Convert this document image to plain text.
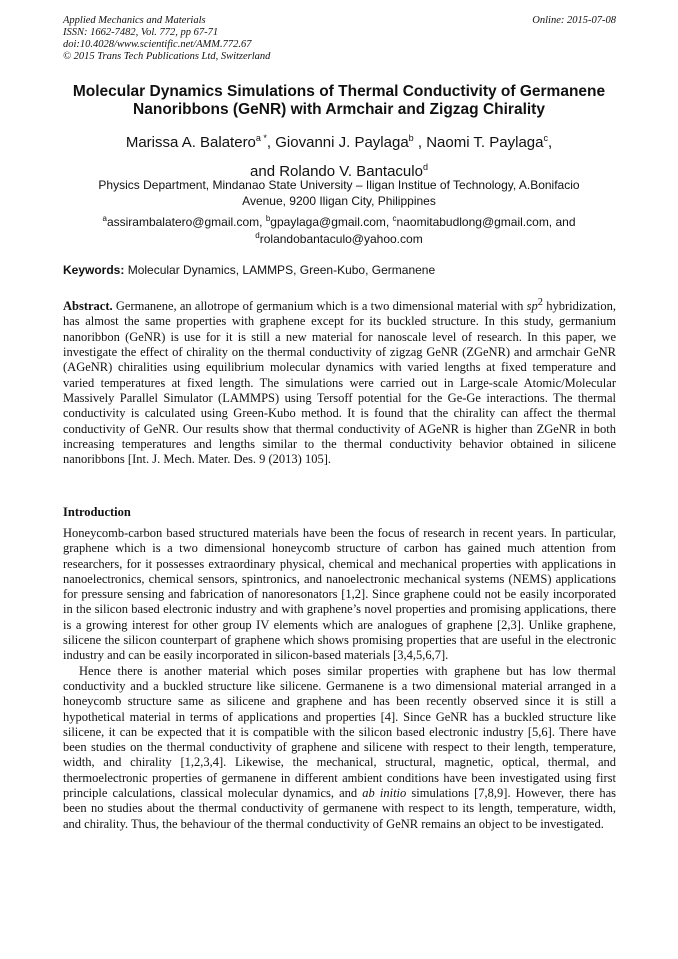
Applied Mechanics and Materials
ISSN: 1662-7482, Vol. 772, pp 67-71
doi:10.4028/www.scientific.net/AMM.772.67
© 2015 Trans Tech Publications Ltd, Switzerland
Online: 2015-07-08
Molecular Dynamics Simulations of Thermal Conductivity of Germanene Nanoribbons (GeNR) with Armchair and Zigzag Chirality
Marissa A. Balatero$^{a *}$, Giovanni J. Paylaga$^b$ , Naomi T. Paylaga$^c$,
and Rolando V. Bantaculo$^d$
Physics Department, Mindanao State University – Iligan Institue of Technology, A.Bonifacio Avenue, 9200 Iligan City, Philippines
$^a$assirambalatero@gmail.com, $^b$gpaylaga@gmail.com, $^c$naomitabudlong@gmail.com, and
$^d$rolandobantaculo@yahoo.com
Keywords: Molecular Dynamics, LAMMPS, Green-Kubo, Germanene
Abstract. Germanene, an allotrope of germanium which is a two dimensional material with $sp^2$ hybridization, has almost the same properties with graphene except for its buckled structure. In this study, germanium nanoribbon (GeNR) is use for it is still a new material for nanoscale level of research. In this paper, we investigate the effect of chirality on the thermal conductivity of zigzag GeNR (ZGeNR) and armchair GeNR (AGeNR) chiralities using equilibrium molecular dynamics with varied lengths at fixed temperature and varied temperatures at fixed length. The simulations were carried out in Large-scale Atomic/Molecular Massively Parallel Simulator (LAMMPS) using Tersoff potential for the Ge-Ge interactions. The thermal conductivity is calculated using Green-Kubo method. It is found that the chirality can affect the thermal conductivity of GeNR. Our results show that thermal conductivity of AGeNR is higher than ZGeNR in both increasing temperatures and lengths similar to the thermal conductivity behavior obtained in silicene nanoribbons [Int. J. Mech. Mater. Des. 9 (2013) 105].
Introduction

Honeycomb-carbon based structured materials have been the focus of research in recent years. In particular, graphene which is a two dimensional honeycomb structure of carbon has gained much attention from researchers, for it possesses extraordinary physical, chemical and mechanical properties with applications in nanoelectronics, chemical sensors, spintronics, and nanoelectronic mechanical systems (NEMS) applications for pressure sensing and fabrication of nanoresonators [1,2]. Since graphene could not be easily incorporated in the silicon based electronic industry and with graphene’s novel properties and promising applications, there is a growing interest for other group IV elements which are analogues of graphene [2,3]. Unlike graphene, silicene the silicon counterpart of graphene which shows promising properties that are useful in the electronic industry and can be easily incorporated in silicon-based materials [3,4,5,6,7].

Hence there is another material which poses similar properties with graphene but has low thermal conductivity and a buckled structure like silicene. Germanene is a two dimensional material arranged in a honeycomb structure same as silicene and graphene and has been recently observed since it is still a hypothetical material in terms of applications and properties [4]. Since GeNR has a buckled structure like silicene, it can be expected that it is compatible with the silicon based electronic industry [5,6]. There have been studies on the thermal conductivity of graphene and silicene with respect to their length, temperature, width, and chirality [1,2,3,4]. Likewise, the mechanical, structural, magnetic, optical, thermal, and thermoelectronic properties of germanene in different ambient conditions have been investigated using first principle calculations, classical molecular dynamics, and ab initio simulations [7,8,9]. However, there has been no studies about the thermal conductivity of germanene with respect to its length, temperature, width, and chirality. Thus, the behaviour of the thermal conductivity of GeNR remains an object to be investigated.
